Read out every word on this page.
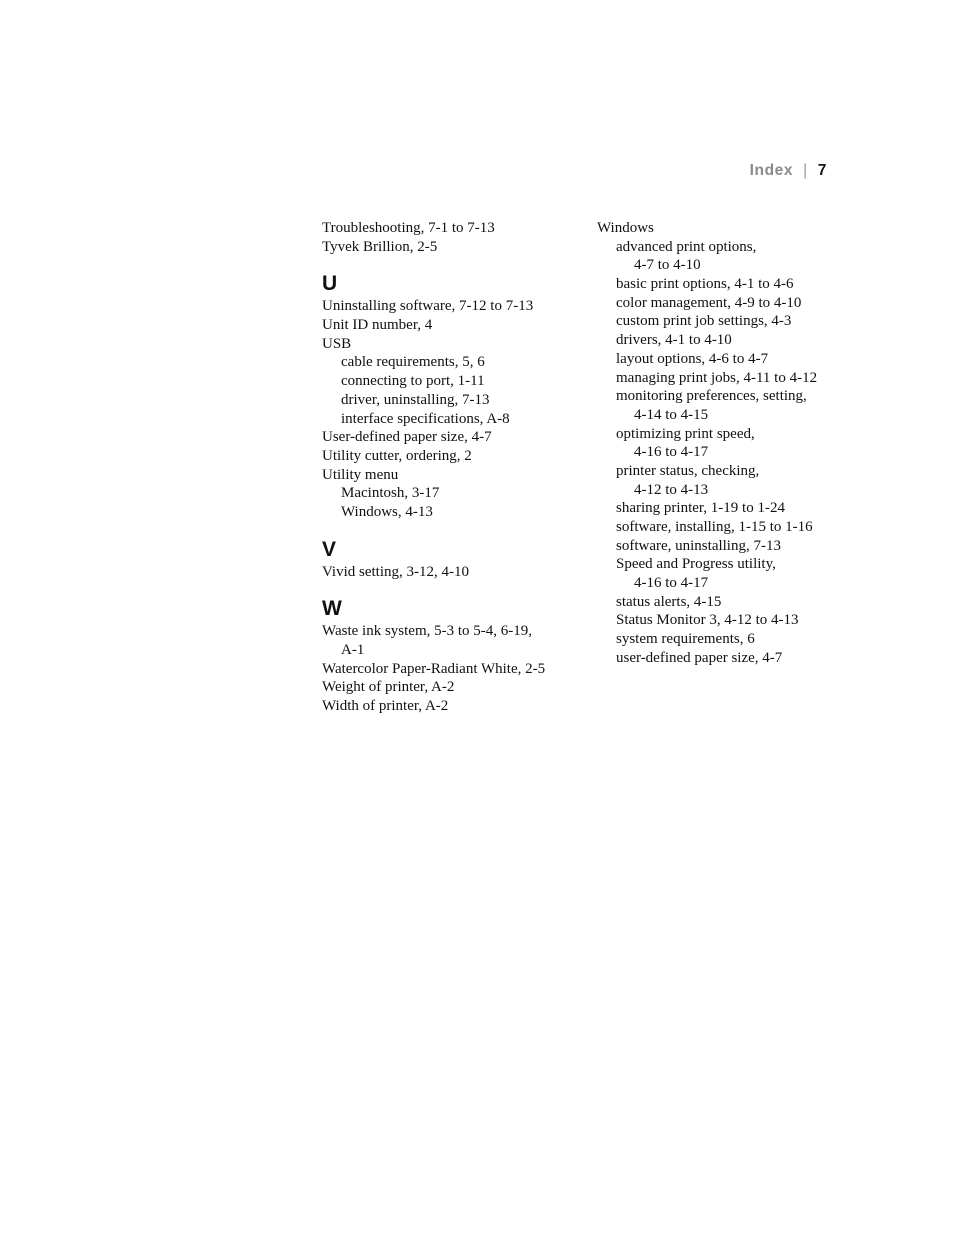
Index | 7
Troubleshooting, 7-1 to 7-13
Tyvek Brillion, 2-5
U
Uninstalling software, 7-12 to 7-13
Unit ID number, 4
USB
cable requirements, 5, 6
connecting to port, 1-11
driver, uninstalling, 7-13
interface specifications, A-8
User-defined paper size, 4-7
Utility cutter, ordering, 2
Utility menu
Macintosh, 3-17
Windows, 4-13
V
Vivid setting, 3-12, 4-10
W
Waste ink system, 5-3 to 5-4, 6-19,
A-1
Watercolor Paper-Radiant White, 2-5
Weight of printer, A-2
Width of printer, A-2
Windows
advanced print options,
4-7 to 4-10
basic print options, 4-1 to 4-6
color management, 4-9 to 4-10
custom print job settings, 4-3
drivers, 4-1 to 4-10
layout options, 4-6 to 4-7
managing print jobs, 4-11 to 4-12
monitoring preferences, setting,
4-14 to 4-15
optimizing print speed,
4-16 to 4-17
printer status, checking,
4-12 to 4-13
sharing printer, 1-19 to 1-24
software, installing, 1-15 to 1-16
software, uninstalling, 7-13
Speed and Progress utility,
4-16 to 4-17
status alerts, 4-15
Status Monitor 3, 4-12 to 4-13
system requirements, 6
user-defined paper size, 4-7
